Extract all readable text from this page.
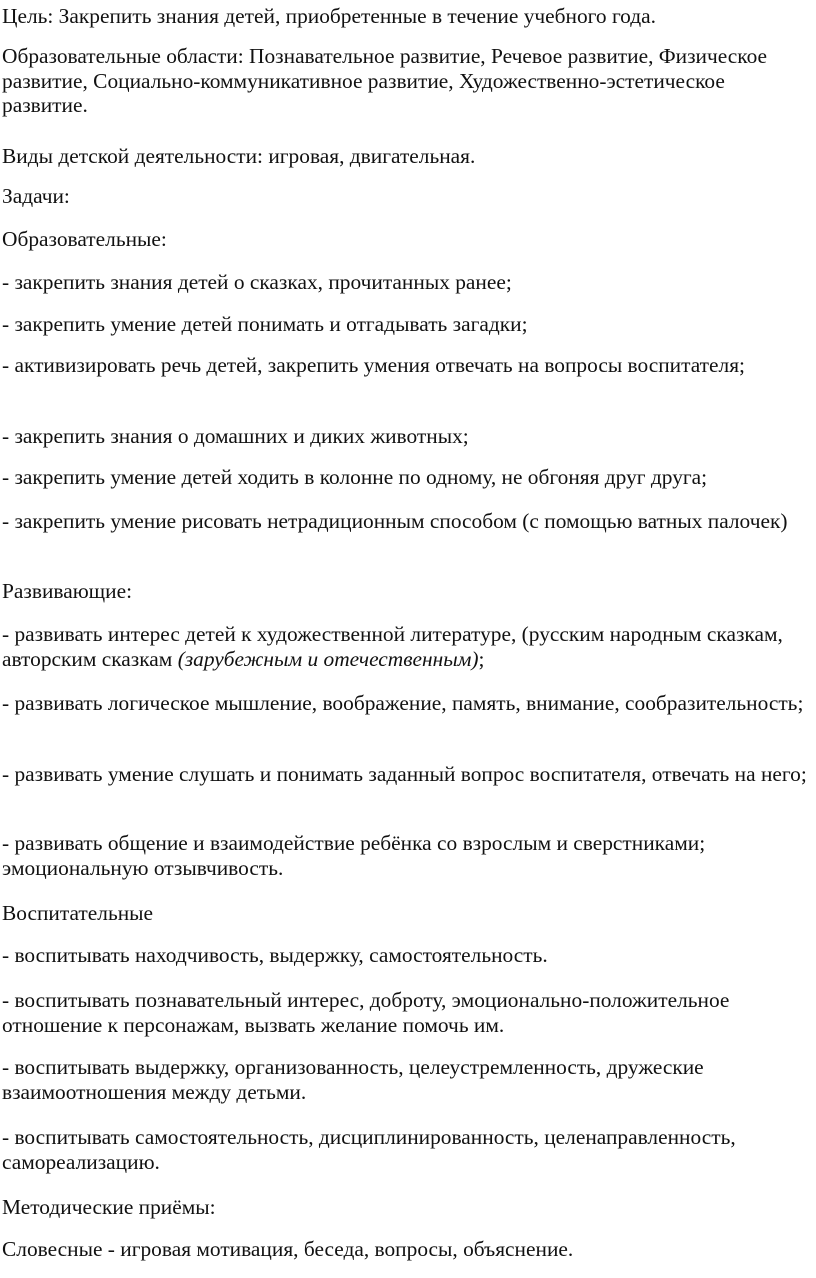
Цель: Закрепить знания детей, приобретенные в течение учебного года.

Образовательные области: Познавательное развитие, Речевое развитие, Физическое развитие, Социально-коммуникативное развитие, Художественно-эстетическое развитие.

Виды детской деятельности: игровая, двигательная.

Задачи:

Образовательные:

- закрепить знания детей о сказках, прочитанных ранее;

- закрепить умение детей понимать и отгадывать загадки;

- активизировать речь детей, закрепить умения отвечать на вопросы воспитателя;

- закрепить знания о домашних и диких животных;

- закрепить умение детей ходить в колонне по одному, не обгоняя друг друга;

- закрепить умение рисовать нетрадиционным способом (с помощью ватных палочек)

Развивающие:

- развивать интерес детей к художественной литературе, (русским народным сказкам, авторским сказкам (зарубежным и отечественным);

- развивать логическое мышление, воображение, память, внимание, сообразительность;

- развивать умение слушать и понимать заданный вопрос воспитателя, отвечать на него;

- развивать общение и взаимодействие ребёнка со взрослым и сверстниками; эмоциональную отзывчивость.

Воспитательные

- воспитывать находчивость, выдержку, самостоятельность.

- воспитывать познавательный интерес, доброту, эмоционально-положительное отношение к персонажам, вызвать желание помочь им.

- воспитывать выдержку, организованность, целеустремленность, дружеские взаимоотношения между детьми.

- воспитывать самостоятельность, дисциплинированность, целенаправленность, самореализацию.

Методические приёмы:

Словесные - игровая мотивация, беседа, вопросы, объяснение.
